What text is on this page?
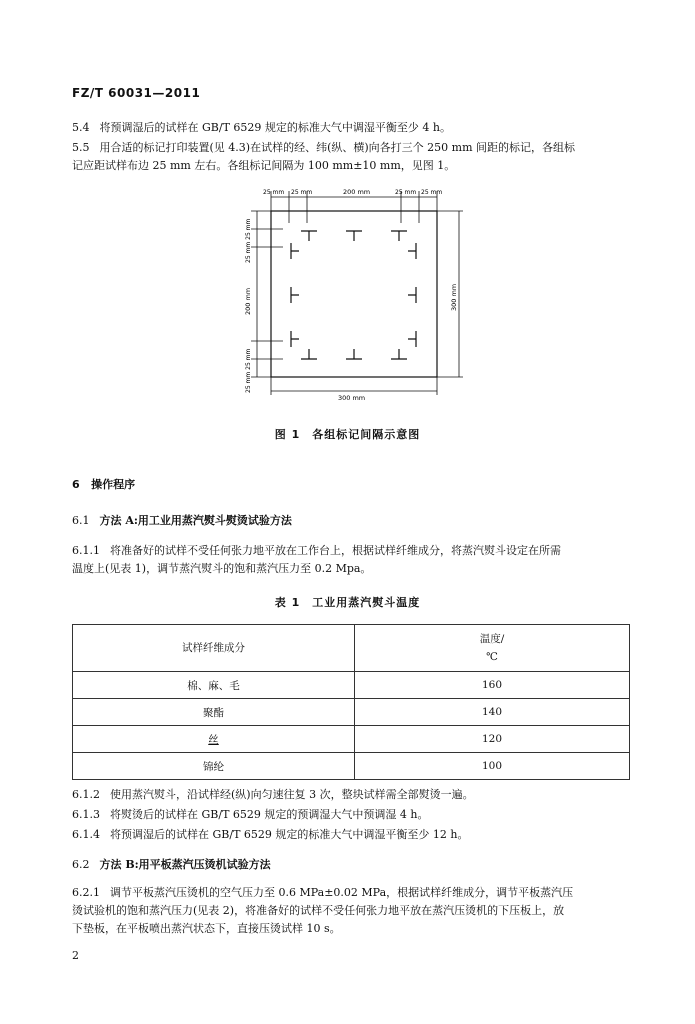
FZ/T 60031—2011
5.4 将预调湿后的试样在 GB/T 6529 规定的标准大气中调湿平衡至少 4 h。
5.5 用合适的标记打印装置(见 4.3)在试样的经、纬(纵、横)向各打三个 250 mm 间距的标记，各组标
记应距试样布边 25 mm 左右。各组标记间隔为 100 mm±10 mm，见图 1。
25 mm 25 mm	200 mm	25 mm 25 mm
25 mm 25 mm
200 mm
25 mm 25 mm
300 mm
300 mm
图 1　各组标记间隔示意图
6 操作程序
6.1 方法 A:用工业用蒸汽熨斗熨烫试验方法
6.1.1 将准备好的试样不受任何张力地平放在工作台上，根据试样纤维成分，将蒸汽熨斗设定在所需
温度上(见表 1)，调节蒸汽熨斗的饱和蒸汽压力至 0.2 Mpa。
表 1　工业用蒸汽熨斗温度
试样纤维成分	温度/
℃

棉、麻、毛	160
聚酯	140
丝	120
锦纶	100
6.1.2 使用蒸汽熨斗，沿试样经(纵)向匀速往复 3 次，整块试样需全部熨烫一遍。
6.1.3 将熨烫后的试样在 GB/T 6529 规定的预调湿大气中预调湿 4 h。
6.1.4 将预调湿后的试样在 GB/T 6529 规定的标准大气中调湿平衡至少 12 h。
6.2 方法 B:用平板蒸汽压烫机试验方法
6.2.1 调节平板蒸汽压烫机的空气压力至 0.6 MPa±0.02 MPa，根据试样纤维成分，调节平板蒸汽压
烫试验机的饱和蒸汽压力(见表 2)，将准备好的试样不受任何张力地平放在蒸汽压烫机的下压板上，放
下垫板，在平板喷出蒸汽状态下，直接压烫试样 10 s。
2
